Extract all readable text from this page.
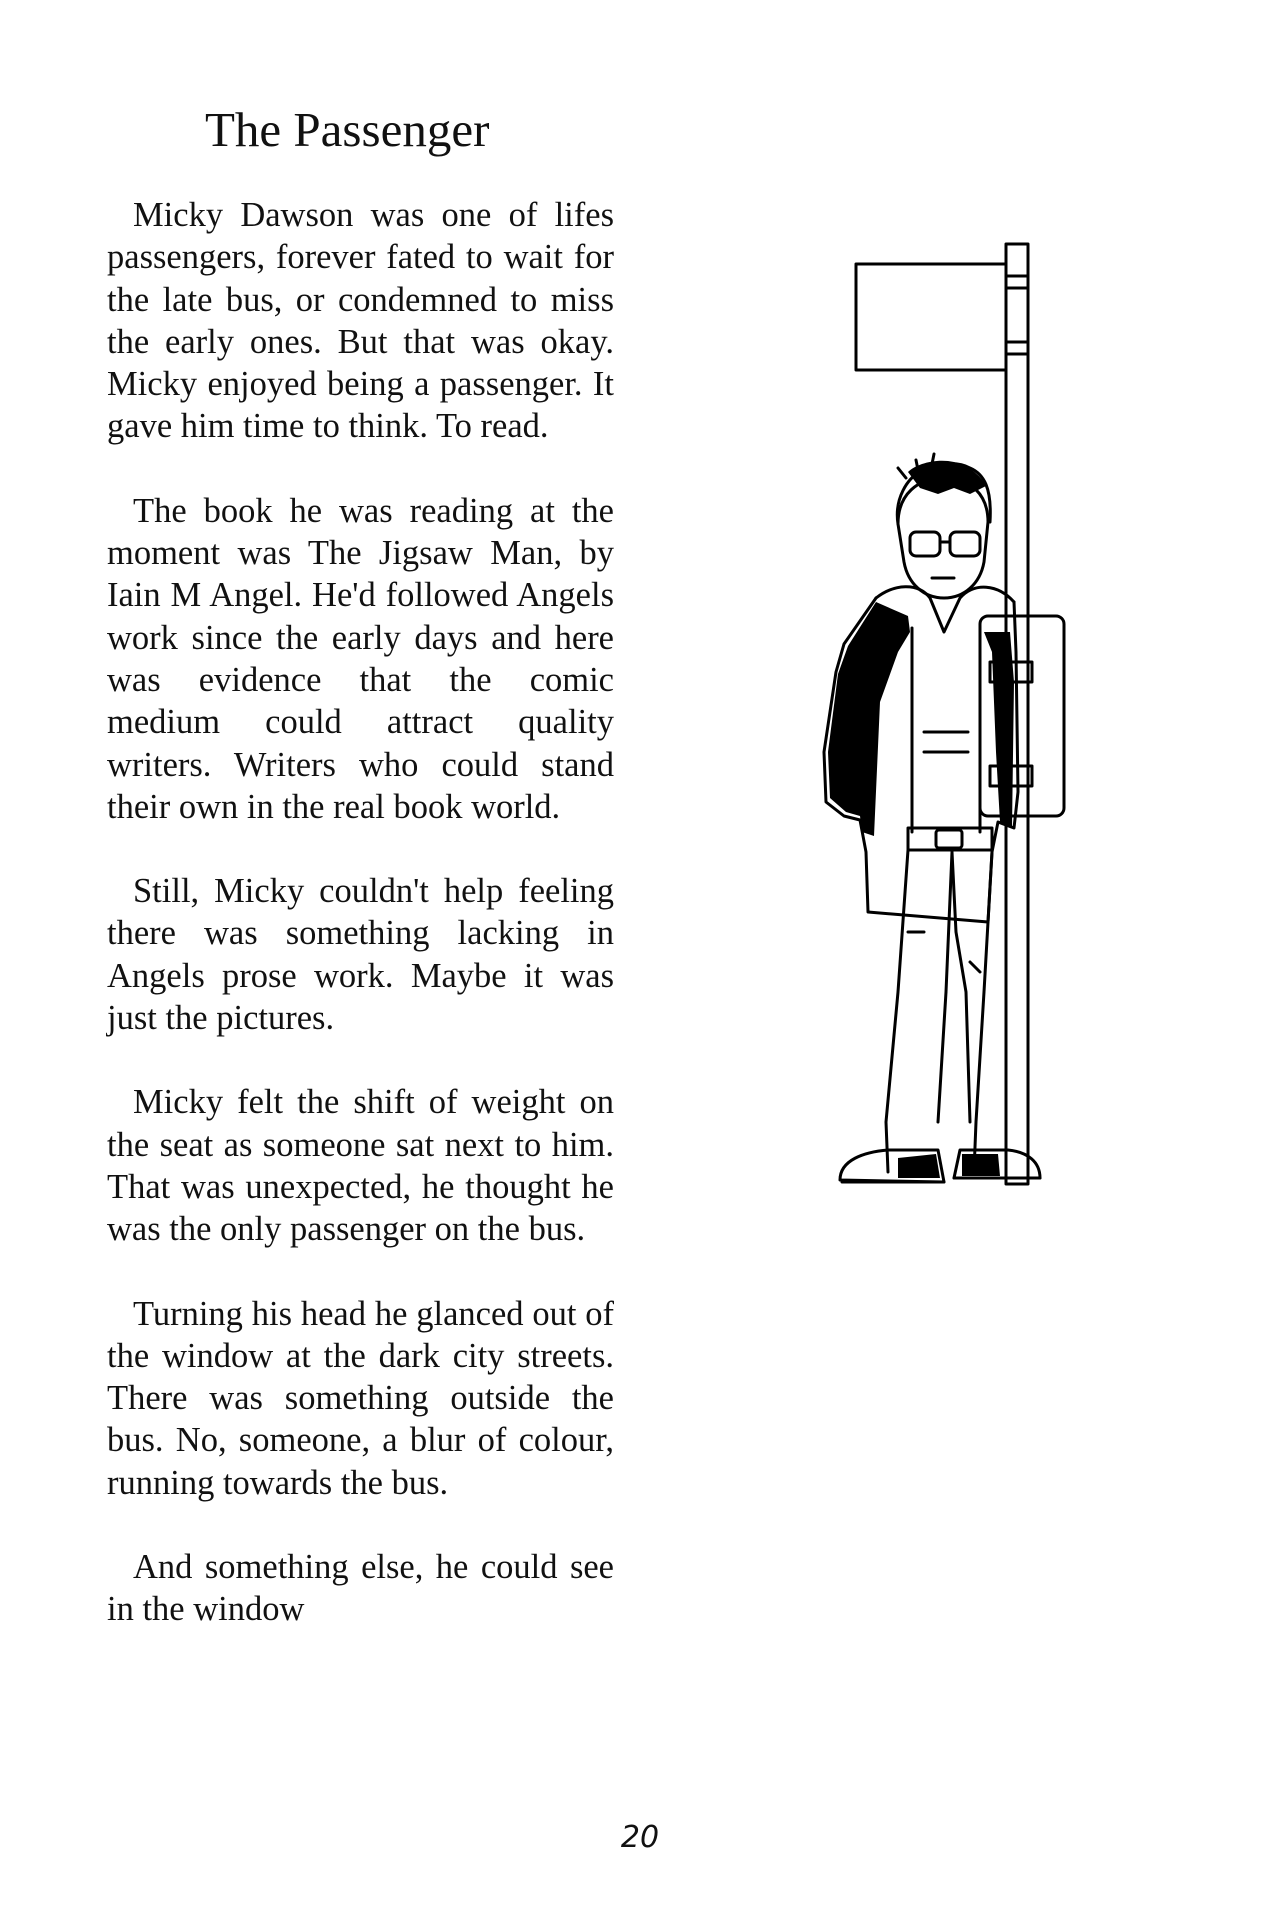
The Passenger

Micky Dawson was one of lifes passengers, forever fated to wait for the late bus, or condemned to miss the early ones. But that was okay. Micky enjoyed being a passenger. It gave him time to think. To read.

The book he was reading at the moment was The Jigsaw Man, by Iain M Angel. He'd followed Angels work since the early days and here was evidence that the comic medium could attract quality writers. Writers who could stand their own in the real book world.

Still, Micky couldn't help feeling there was something lacking in Angels prose work. Maybe it was just the pictures.

Micky felt the shift of weight on the seat as someone sat next to him. That was unexpected, he thought he was the only passenger on the bus.

Turning his head he glanced out of the window at the dark city streets. There was something outside the bus. No, someone, a blur of colour, running towards the bus.

And something else, he could see in the window

20
